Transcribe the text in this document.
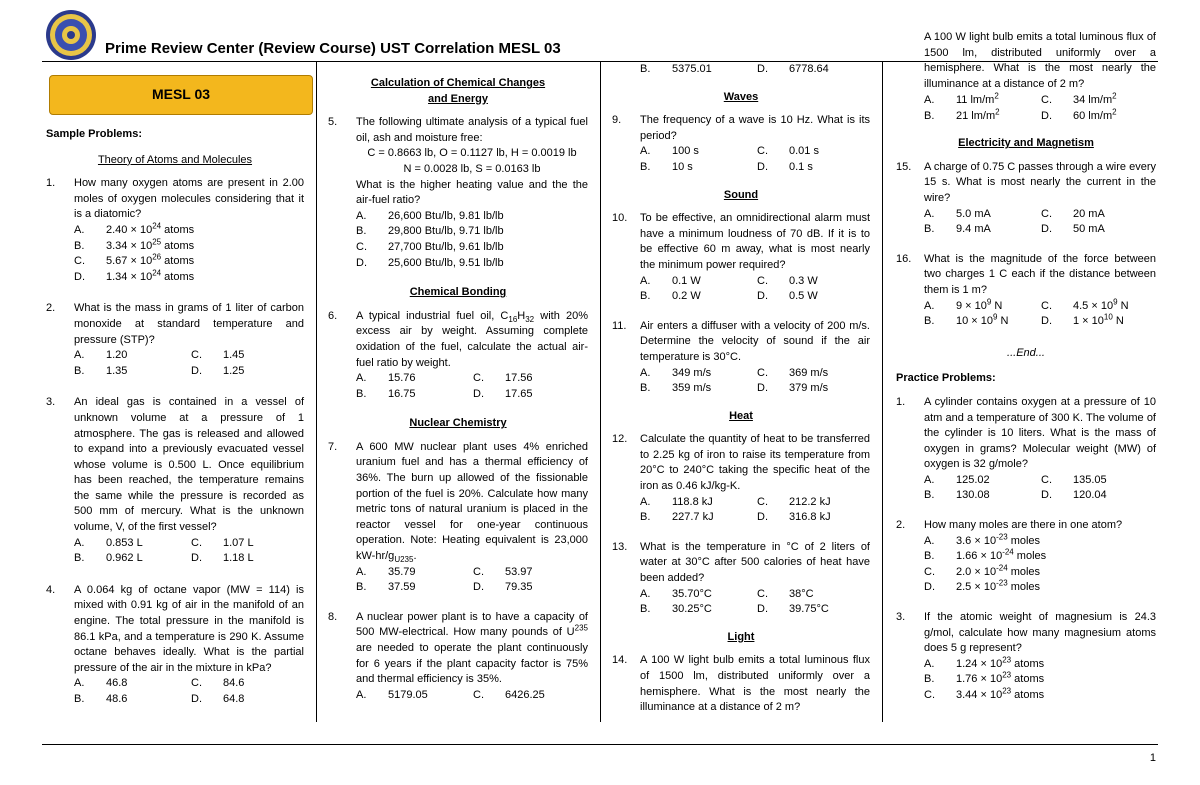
Prime Review Center (Review Course) UST Correlation MESL 03
1
MESL 03
Sample Problems:
Theory of Atoms and Molecules
1.	How many oxygen atoms are present in 2.00 moles of oxygen molecules considering that it is a diatomic?
A.	$2.40 \times 10^{24}$ atoms
B.	$3.34 \times 10^{25}$ atoms
C.	$5.67 \times 10^{26}$ atoms
D.	$1.34 \times 10^{24}$ atoms
2.	What is the mass in grams of 1 liter of carbon monoxide at standard temperature and pressure (STP)?
A.	1.20	C.	1.45
B.	1.35	D.	1.25
3.	An ideal gas is contained in a vessel of unknown volume at a pressure of 1 atmosphere. The gas is released and allowed to expand into a previously evacuated vessel whose volume is 0.500 L. Once equilibrium has been reached, the temperature remains the same while the pressure is recorded as 500 mm of mercury. What is the unknown volume, V, of the first vessel?
A.	0.853 L	C.	1.07 L
B.	0.962 L	D.	1.18 L
4.	A 0.064 kg of octane vapor (MW = 114) is mixed with 0.91 kg of air in the manifold of an engine. The total pressure in the manifold is 86.1 kPa, and a temperature is 290 K. Assume octane behaves ideally. What is the partial pressure of the air in the mixture in kPa?
A.	46.8	C.	84.6
B.	48.6	D.	64.8
Calculation of Chemical Changes and Energy
5.	The following ultimate analysis of a typical fuel oil, ash and moisture free:
C = 0.8663 lb, O = 0.1127 lb, H = 0.0019 lb
N = 0.0028 lb, S = 0.0163 lb
What is the higher heating value and the the air-fuel ratio?
A.	26,600 Btu/lb, 9.81 lb/lb
B.	29,800 Btu/lb, 9.71 lb/lb
C.	27,700 Btu/lb, 9.61 lb/lb
D.	25,600 Btu/lb, 9.51 lb/lb
Chemical Bonding
6.	A typical industrial fuel oil, $C_{16}H_{32}$ with 20% excess air by weight. Assuming complete oxidation of the fuel, calculate the actual air-fuel ratio by weight.
A.	15.76	C.	17.56
B.	16.75	D.	17.65
Nuclear Chemistry
7.	A 600 MW nuclear plant uses 4% enriched uranium fuel and has a thermal efficiency of 36%. The burn up allowed of the fissionable portion of the fuel is 20%. Calculate how many metric tons of natural uranium is placed in the reactor vessel for one-year continuous operation. Note: Heating equivalent is 23,000 $kW-hr/g_{U235}$.
A.	35.79	C.	53.97
B.	37.59	D.	79.35
8.	A nuclear power plant is to have a capacity of 500 MW-electrical. How many pounds of $U^{235}$ are needed to operate the plant continuously for 6 years if the plant capacity factor is 75% and thermal efficiency is 35%.
A.	5179.05	C.	6426.25
B.	5375.01	D.	6778.64
Waves
9.	The frequency of a wave is 10 Hz. What is its period?
A.	100 s	C.	0.01 s
B.	10 s	D.	0.1 s
Sound
10.	To be effective, an omnidirectional alarm must have a minimum loudness of 70 dB. If it is to be effective 60 m away, what is most nearly the minimum power required?
A.	0.1 W	C.	0.3 W
B.	0.2 W	D.	0.5 W
11.	Air enters a diffuser with a velocity of 200 m/s. Determine the velocity of sound if the air temperature is 30°C.
A.	349 m/s	C.	369 m/s
B.	359 m/s	D.	379 m/s
Heat
12.	Calculate the quantity of heat to be transferred to 2.25 kg of iron to raise its temperature from 20°C to 240°C taking the specific heat of the iron as 0.46 kJ/kg-K.
A.	118.8 kJ	C.	212.2 kJ
B.	227.7 kJ	D.	316.8 kJ
13.	What is the temperature in °C of 2 liters of water at 30°C after 500 calories of heat have been added?
A.	35.70°C	C.	38°C
B.	30.25°C	D.	39.75°C
Light
14.	A 100 W light bulb emits a total luminous flux of 1500 lm, distributed uniformly over a hemisphere. What is the most nearly the illuminance at a distance of 2 m?
A 100 W light bulb emits a total luminous flux of 1500 lm, distributed uniformly over a hemisphere. What is the most nearly the illuminance at a distance of 2 m?
A.	11 $lm/m^2$	C.	34 $lm/m^2$
B.	21 $lm/m^2$	D.	60 $lm/m^2$
Electricity and Magnetism
15.	A charge of 0.75 C passes through a wire every 15 s. What is most nearly the current in the wire?
A.	5.0 mA	C.	20 mA
B.	9.4 mA	D.	50 mA
16.	What is the magnitude of the force between two charges 1 C each if the distance between them is 1 m?
A.	$9 \times 10^9$ N	C.	$4.5 \times 10^9$ N
B.	$10 \times 10^9$ N	D.	$1 \times 10^{10}$ N
...End...
Practice Problems:
1.	A cylinder contains oxygen at a pressure of 10 atm and a temperature of 300 K. The volume of the cylinder is 10 liters. What is the mass of oxygen in grams? Molecular weight (MW) of oxygen is 32 g/mole?
A.	125.02	C.	135.05
B.	130.08	D.	120.04
2.	How many moles are there in one atom?
A.	$3.6 \times 10^{-23}$ moles
B.	$1.66 \times 10^{-24}$ moles
C.	$2.0 \times 10^{-24}$ moles
D.	$2.5 \times 10^{-23}$ moles
3.	If the atomic weight of magnesium is 24.3 g/mol, calculate how many magnesium atoms does 5 g represent?
A.	$1.24 \times 10^{23}$ atoms
B.	$1.76 \times 10^{23}$ atoms
C.	$3.44 \times 10^{23}$ atoms
